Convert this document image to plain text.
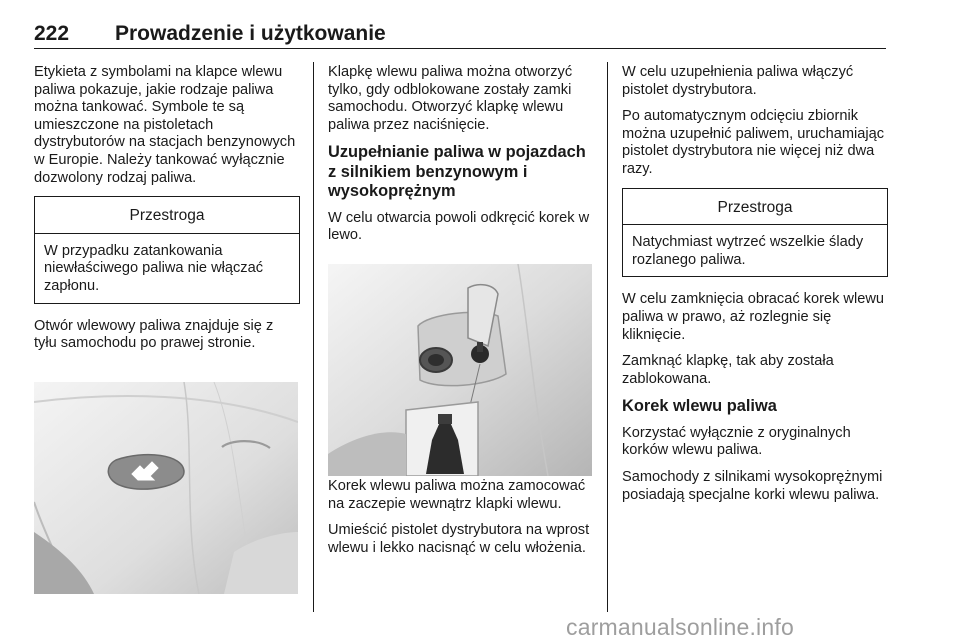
222 Prowadzenie i użytkowanie

Etykieta z symbolami na klapce wlewu paliwa pokazuje, jakie rodzaje paliwa można tankować. Symbole te są umieszczone na pistoletach dystrybutorów na stacjach benzynowych w Europie. Należy tankować wyłącznie dozwolony rodzaj paliwa.

Przestroga
W przypadku zatankowania niewłaściwego paliwa nie włączać zapłonu.

Otwór wlewowy paliwa znajduje się z tyłu samochodu po prawej stronie.

Klapkę wlewu paliwa można otworzyć tylko, gdy odblokowane zostały zamki samochodu. Otworzyć klapkę wlewu paliwa przez naciśnięcie.

Uzupełnianie paliwa w pojazdach z silnikiem benzynowym i wysokoprężnym

W celu otwarcia powoli odkręcić korek w lewo.

Korek wlewu paliwa można zamocować na zaczepie wewnątrz klapki wlewu.

Umieścić pistolet dystrybutora na wprost wlewu i lekko nacisnąć w celu włożenia.

W celu uzupełnienia paliwa włączyć pistolet dystrybutora.

Po automatycznym odcięciu zbiornik można uzupełnić paliwem, uruchamiając pistolet dystrybutora nie więcej niż dwa razy.

Przestroga
Natychmiast wytrzeć wszelkie ślady rozlanego paliwa.

W celu zamknięcia obracać korek wlewu paliwa w prawo, aż rozlegnie się kliknięcie.

Zamknąć klapkę, tak aby została zablokowana.

Korek wlewu paliwa

Korzystać wyłącznie z oryginalnych korków wlewu paliwa.

Samochody z silnikami wysokoprężnymi posiadają specjalne korki wlewu paliwa.

carmanualsonline.info
